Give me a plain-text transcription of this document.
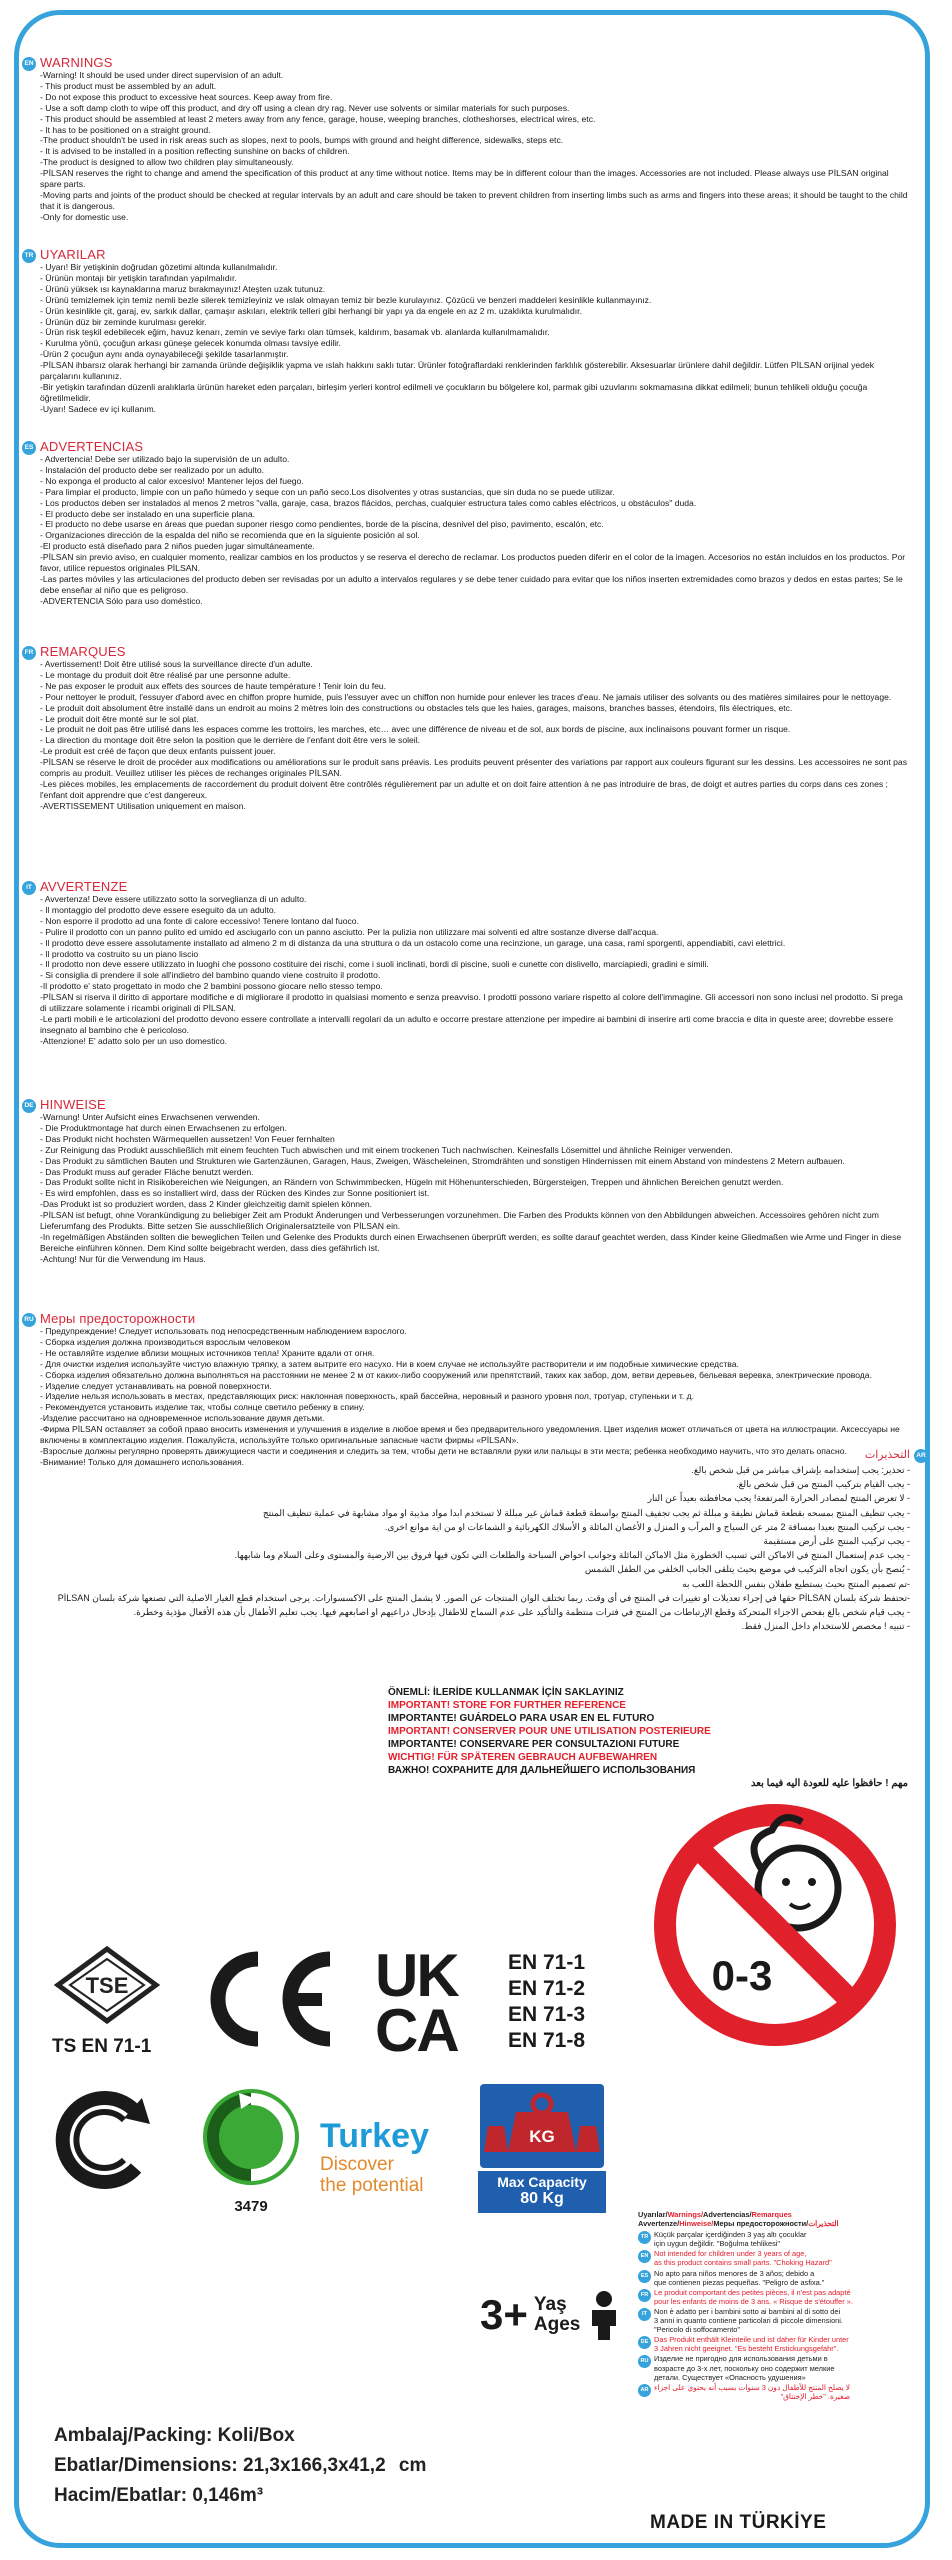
EN WARNINGS
-Warning! It should be used under direct supervision of an adult.
- This product must be assembled by an adult.
- Do not expose this product to excessive heat sources. Keep away from fire.
- Use a soft damp cloth to wipe off this product, and dry off using a clean dry rag. Never use solvents or similar materials for such purposes.
- This product should be assembled at least 2 meters away from any fence, garage, house, weeping branches, clotheshorses, electrical wires, etc.
- It has to be positioned on a straight ground.
-The product shouldn't be used in risk areas such as slopes, next to pools, bumps with ground and height difference, sidewalks, steps etc.
- It is advised to be installed in a position reflecting sunshine on backs of children.
-The product is designed to allow two children play simultaneously.
-PİLSAN reserves the right to change and amend the specification of this product at any time without notice. Items may be in different colour than the images. Accessories are not included. Please always use PİLSAN original spare parts.
-Moving parts and joints of the product should be checked at regular intervals by an adult and care should be taken to prevent children from inserting limbs such as arms and fingers into these areas; it should be taught to the child that it is dangerous.
-Only for domestic use.
TR UYARILAR
- Uyarı! Bir yetişkinin doğrudan gözetimi altında kullanılmalıdır.
- Ürünün montajı bir yetişkin tarafından yapılmalıdır.
- Ürünü yüksek ısı kaynaklarına maruz bırakmayınız! Ateşten uzak tutunuz.
- Ürünü temizlemek için temiz nemli bezle silerek temizleyiniz ve ıslak olmayan temiz bir bezle kurulayınız. Çözücü ve benzeri maddeleri kesinlikle kullanmayınız.
- Ürün kesinlikle çit, garaj, ev, sarkık dallar, çamaşır askıları, elektrik telleri gibi herhangi bir yapı ya da engele en az 2 m. uzaklıkta kurulmalıdır.
- Ürünün düz bir zeminde kurulması gerekir.
- Ürün risk teşkil edebilecek eğim, havuz kenarı, zemin ve seviye farkı olan tümsek, kaldırım, basamak vb. alanlarda kullanılmamalıdır.
- Kurulma yönü, çocuğun arkası güneşe gelecek konumda olması tavsiye edilir.
-Ürün 2 çocuğun aynı anda oynayabileceği şekilde tasarlanmıştır.
-PİLSAN ihbarsız olarak herhangi bir zamanda üründe değişiklik yapma ve ıslah hakkını saklı tutar. Ürünler fotoğraflardaki renklerinden farklılık gösterebilir. Aksesuarlar ürünlere dahil değildir. Lütfen PİLSAN orijinal yedek parçalarını kullanınız.
-Bir yetişkin tarafından düzenli aralıklarla ürünün hareket eden parçaları, birleşim yerleri kontrol edilmeli ve çocukların bu bölgelere kol, parmak gibi uzuvlarını sokmamasına dikkat edilmeli; bunun tehlikeli olduğu çocuğa öğretilmelidir.
-Uyarı! Sadece ev içi kullanım.
ES ADVERTENCIAS
- Advertencia! Debe ser utilizado bajo la supervisión de un adulto.
- Instalación del producto debe ser realizado por un adulto.
- No exponga el producto al calor excesivo! Mantener lejos del fuego.
- Para limpiar el producto, limpie con un paño húmedo y seque con un paño seco.Los disolventes y otras sustancias, que sin duda no se puede utilizar.
- Los productos deben ser instalados al menos 2 metros "valla, garaje, casa, brazos flácidos, perchas, cualquier estructura tales como cables eléctricos, u obstáculos" duda.
- El producto debe ser instalado en una superficie plana.
- El producto no debe usarse en áreas que puedan suponer riesgo como pendientes, borde de la piscina, desnivel del piso, pavimento, escalón, etc.
- Organizaciones dirección de la espalda del niño se recomienda que en la siguiente posición al sol.
-El producto está diseñado para 2 niños pueden jugar simultáneamente.
-PİLSAN sin previo aviso, en cualquier momento, realizar cambios en los productos y se reserva el derecho de reclamar. Los productos pueden diferir en el color de la imagen. Accesorios no están incluidos en los productos. Por favor, utilice repuestos originales PİLSAN.
-Las partes móviles y las articulaciones del producto deben ser revisadas por un adulto a intervalos regulares y se debe tener cuidado para evitar que los niños inserten extremidades como brazos y dedos en estas partes; Se le debe enseñar al niño que es peligroso.
-ADVERTENCIA Sólo para uso doméstico.
FR REMARQUES
- Avertissement! Doit être utilisé sous la surveillance directe d'un adulte.
- Le montage du produit doit être réalisé par une personne adulte.
- Ne pas exposer le produit aux effets des sources de haute température ! Tenir loin du feu.
- Pour nettoyer le produit, l'essuyer d'abord avec en chiffon propre humide, puis l'essuyer avec un chiffon non humide pour enlever les traces d'eau. Ne jamais utiliser des solvants ou des matières similaires pour le nettoyage.
- Le produit doit absolument être installé dans un endroit au moins 2 mètres loin des constructions ou obstacles tels que les haies, garages, maisons, branches basses, étendoirs, fils électriques, etc.
- Le produit doit être monté sur le sol plat.
- Le produit ne doit pas être utilisé dans les espaces comme les trottoirs, les marches, etc… avec une différence de niveau et de sol, aux bords de piscine, aux inclinaisons pouvant former un risque.
- La direction du montage doit être selon la position que le derrière de l'enfant doit être vers le soleil.
-Le produit est créé de façon que deux enfants puissent jouer.
-PİLSAN se réserve le droit de procéder aux modifications ou améliorations sur le produit sans préavis. Les produits peuvent présenter des variations par rapport aux couleurs figurant sur les dessins. Les accessoires ne sont pas compris au produit. Veuillez utiliser les pièces de rechanges originales PİLSAN.
-Les pièces mobiles, les emplacements de raccordement du produit doivent être contrôlés régulièrement par un adulte et on doit faire attention à ne pas introduire de bras, de doigt et autres parties du corps dans ces zones ; l'enfant doit apprendre que c'est dangereux.
-AVERTISSEMENT Utilisation uniquement en maison.
IT AVVERTENZE
- Avvertenza! Deve essere utilizzato sotto la sorveglianza di un adulto.
- Il montaggio del prodotto deve essere eseguito da un adulto.
- Non esporre il prodotto ad una fonte di calore eccessivo! Tenere lontano dal fuoco.
- Pulire il prodotto con un panno pulito ed umido ed asciugarlo con un panno asciutto. Per la pulizia non utilizzare mai solventi ed altre sostanze diverse dall'acqua.
- Il prodotto deve essere assolutamente installato ad almeno 2 m di distanza da una struttura o da un ostacolo come una recinzione, un garage, una casa, rami sporgenti, appendiabiti, cavi elettrici.
- Il prodotto va costruito su un piano liscio
- Il prodotto non deve essere utilizzato in luoghi che possono costituire dei rischi, come i suoli inclinati, bordi di piscine, suoli e cunette con dislivello, marciapiedi, gradini e simili.
- Si consiglia di prendere il sole all'indietro del bambino quando viene costruito il prodotto.
-Il prodotto e' stato progettato in modo che 2 bambini possono giocare nello stesso tempo.
-PİLSAN si riserva il diritto di apportare modifiche e di migliorare il prodotto in qualsiasi momento e senza preavviso. I prodotti possono variare rispetto al colore dell'immagine. Gli accessori non sono inclusi nel prodotto. Si prega di utilizzare solamente i ricambi originali di PİLSAN.
-Le parti mobili e le articolazioni del prodotto devono essere controllate a intervalli regolari da un adulto e occorre prestare attenzione per impedire ai bambini di inserire arti come braccia e dita in queste aree; dovrebbe essere insegnato al bambino che è pericoloso.
-Attenzione! E' adatto solo per un uso domestico.
DE HINWEISE
-Warnung! Unter Aufsicht eines Erwachsenen verwenden.
- Die Produktmontage hat durch einen Erwachsenen zu erfolgen.
- Das Produkt nicht hochsten Wärmequellen aussetzen! Von Feuer fernhalten
- Zur Reinigung das Produkt ausschließlich mit einem feuchten Tuch abwischen und mit einem trockenen Tuch nachwischen. Keinesfalls Lösemittel und ähnliche Reiniger verwenden.
- Das Produkt zu sämtlichen Bauten und Strukturen wie Gartenzäunen, Garagen, Haus, Zweigen, Wäscheleinen, Stromdrähten und sonstigen Hindernissen mit einem Abstand von mindestens 2 Metern aufbauen.
- Das Produkt muss auf gerader Fläche benutzt werden.
- Das Produkt sollte nicht in Risikobereichen wie Neigungen, an Rändern von Schwimmbecken, Hügeln mit Höhenunterschieden, Bürgersteigen, Treppen und ähnlichen Bereichen genutzt werden.
- Es wird empfohlen, dass es so installiert wird, dass der Rücken des Kindes zur Sonne positioniert ist.
-Das Produkt ist so produziert worden, dass 2 Kinder gleichzeitig damit spielen können.
-PİLSAN ist befugt, ohne Vorankündigung zu beliebiger Zeit am Produkt Änderungen und Verbesserungen vorzunehmen. Die Farben des Produkts können von den Abbildungen abweichen. Accessoires gehören nicht zum Lieferumfang des Produkts. Bitte setzen Sie ausschließlich Originalersatzteile von PİLSAN ein.
-In regelmäßigen Abständen sollten die beweglichen Teilen und Gelenke des Produkts durch einen Erwachsenen überprüft werden, es sollte darauf geachtet werden, dass Kinder keine Gliedmaßen wie Arme und Finger in diese Bereiche einführen können. Dem Kind sollte beigebracht werden, dass dies gefährlich ist.
-Achtung! Nur für die Verwendung im Haus.
RU Меры предосторожности
- Предупреждение! Следует использовать под непосредственным наблюдением взрослого.
- Сборка изделия должна производиться взрослым человеком
- Не оставляйте изделие вблизи мощных источников тепла! Храните вдали от огня.
- Для очистки изделия используйте чистую влажную тряпку, а затем вытрите его насухо. Ни в коем случае не используйте растворители и им подобные химические средства.
- Сборка изделия обязательно должна выполняться на расстоянии не менее 2 м от каких-либо сооружений или препятствий, таких как забор, дом, ветви деревьев, бельевая веревка, электрические провода.
- Изделие следует устанавливать на ровной поверхности.
- Изделие нельзя использовать в местах, представляющих риск: наклонная поверхность, край бассейна, неровный и разного уровня пол, тротуар, ступеньки и т. д.
- Рекомендуется установить изделие так, чтобы солнце светило ребенку в спину.
-Изделие рассчитано на одновременное использование двумя детьми.
-Фирма PİLSAN оставляет за собой право вносить изменения и улучшения в изделие в любое время и без предварительного уведомления. Цвет изделия может отличаться от цвета на иллюстрации. Аксессуары не включены в комплектацию изделия. Пожалуйста, используйте только оригинальные запасные части фирмы «PİLSAN».
-Взрослые должны регулярно проверять движущиеся части и соединения и следить за тем, чтобы дети не вставляли руки или пальцы в эти места; ребенка необходимо научить, что это делать опасно.
-Внимание! Только для домашнего использования.
AR
التحذيرات
- تحذير: يجب إستخدامه بإشراف مباشر من قبل شخص بالغ.
- يجب القيام بتركيب المنتج من قبل شخص بالغ.
- لا تعرض المنتج لمصادر الحرارة المرتفعة! يجب محافظته بعيداً عن النار
- يجب تنظيف المنتج بمسحه بقطعة قماش نظيفة و مبللة ثم يجب تجفيف المنتج بواسطة قطعة قماش غير مبللة لا تستخدم ابدا مواد مذيبة او مواد مشابهة في عملية تنظيف المنتج
- يجب تركيب المنتج بعيدا بمسافة 2 متر عن السياج و المرآب و المنزل و الأغصان المائلة و الأسلاك الكهربائية و الشماعات او من اية موانع اخرى.
- يجب تركيب المنتج على أرض مستقيمة
- يجب عدم إستعمال المنتج في الاماكن التي تسبب الخطورة مثل الاماكن المائلة وجوانب احواض السباحة والطلعات التي تكون فيها فروق بين الارضية والمستوى وعلى السلام وما شابهها.
- يُنصح بأن يكون اتجاه التركيب في موضع بحيث يتلقى الجانب الخلفي من الطفل الشمس
-تم تصميم المنتج بحيث يستطيع طفلان بنفس اللحظة اللعب به
-تحتفظ شركة بلسان PİLSAN حقها في إجراء تعديلات او تغييرات في المنتج في أي وقت. ربما تختلف الوان المنتجات عن الصور. لا يشمل المنتج على الاكسسوارات. يرجى استخدام قطع الغيار الاصلية التي تصنعها شركة بلسان PİLSAN
- يجب قيام شخص بالغ بفحص الاجزاء المتحركة وقطع الإرتباطات من المنتج في فترات منتظمة والتأكيد على عدم السماح للاطفال بإدخال ذراعيهم او اصابعهم فيها. يجب تعليم الأطفال بأن هذه الأفعال مؤذية وخطرة.
- تنبيه ! مخصص للاستخدام داخل المنزل فقط.
ÖNEMLİ: İLERİDE KULLANMAK İÇİN SAKLAYINIZ
IMPORTANT! STORE FOR FURTHER REFERENCE
IMPORTANTE! GUÁRDELO PARA USAR EN EL FUTURO
IMPORTANT! CONSERVER POUR UNE UTILISATION POSTERIEURE
IMPORTANTE! CONSERVARE PER CONSULTAZIONI FUTURE
WICHTIG! FÜR SPÄTEREN GEBRAUCH AUFBEWAHREN
ВАЖНО! СОХРАНИТЕ ДЛЯ ДАЛЬНЕЙШЕГО ИСПОЛЬЗОВАНИЯ
مهم ! حافظوا عليه للعودة اليه فيما بعد
TSE
TS EN 71-1
UK
CA
EN 71-1
EN 71-2
EN 71-3
EN 71-8
0-3
3479
Turkey
Discover
the potential
KG
Max Capacity
80 Kg
3+ Yaş
Ages
Uyarılar/Warnings/Advertencias/Remarques
Avvertenze/Hinweise/Меры предосторожности/التحذيرات
TR Küçük parçalar içerdiğinden 3 yaş altı çocuklar
için uygun değildir. "Boğulma tehlikesi"
EN Not intended for children under 3 years of age,
as this product contains small parts. "Choking Hazard"
ES No apto para niños menores de 3 años; debido a
que contienen piezas pequeñas. "Peligro de asfixa."
FR Le produit comportant des petites pièces, il n'est pas adapté
pour les enfants de moins de 3 ans. « Risque de s'étouffer ».
IT Non è adatto per i bambini sotto ai bambini al di sotto dei
3 anni in quanto contiene particolari di piccole dimensioni.
"Pericolo di soffocamento"
DE Das Produkt enthält Kleinteile und ist daher für Kinder unter
3 Jahren nicht geeignet. "Es besteht Erstickungsgefahr".
RU Изделие не пригодно для использования детьми в
возрасте до 3-х лет, поскольку оно содержит мелкие
детали. Существует «Опасность удушения»
AR لا يصلح المنتج للأطفال دون 3 سنوات بسبب أنه يحتوي على اجزاء
صغيرة. "خطر الإختناق"
Ambalaj/Packing: Koli/Box
Ebatlar/Dimensions: 21,3x166,3x41,2 cm
Hacim/Ebatlar: 0,146m³
MADE IN TÜRKİYE
